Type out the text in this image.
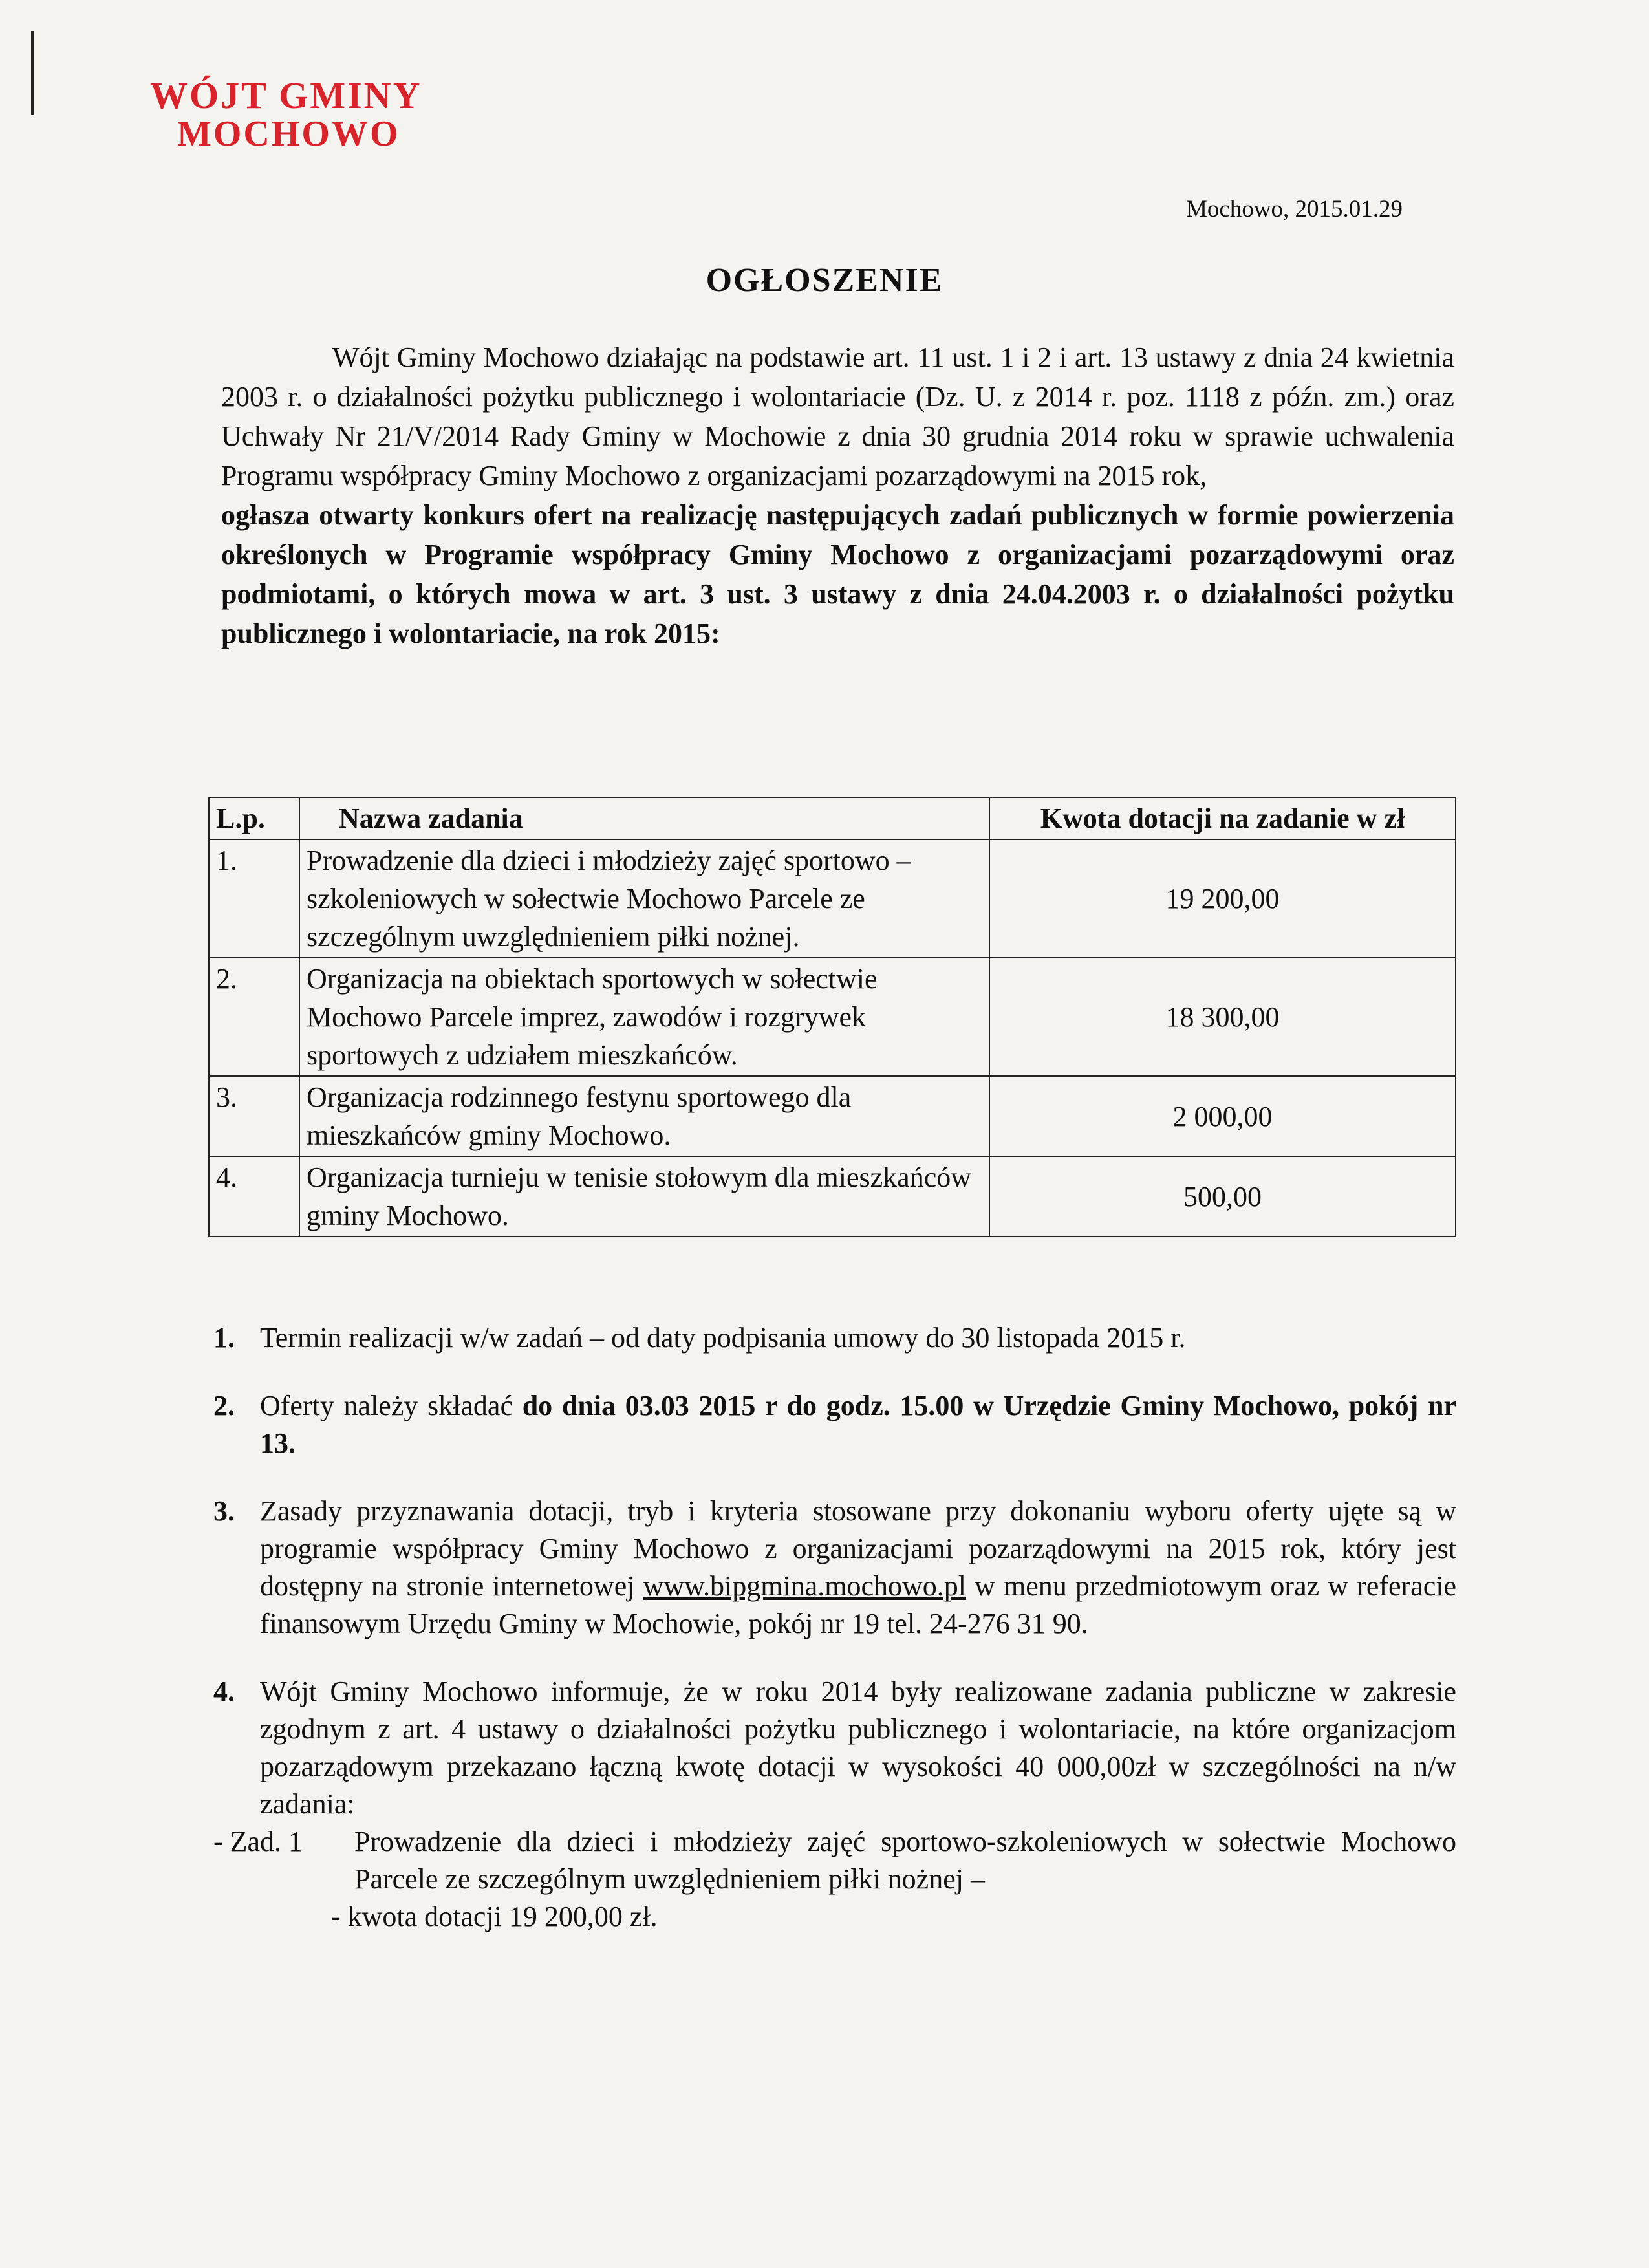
WÓJT GMINY
MOCHOWO
Mochowo, 2015.01.29
OGŁOSZENIE
Wójt Gminy Mochowo działając na podstawie art. 11 ust. 1 i 2 i art. 13 ustawy z dnia 24 kwietnia 2003 r. o działalności pożytku publicznego i wolontariacie (Dz. U. z 2014 r. poz. 1118 z późn. zm.) oraz Uchwały Nr 21/V/2014 Rady Gminy w Mochowie z dnia 30 grudnia 2014 roku w sprawie uchwalenia Programu współpracy Gminy Mochowo z organizacjami pozarządowymi na 2015 rok,
ogłasza otwarty konkurs ofert na realizację następujących zadań publicznych w formie powierzenia określonych w Programie współpracy Gminy Mochowo z organizacjami pozarządowymi oraz podmiotami, o których mowa w art. 3 ust. 3 ustawy z dnia 24.04.2003 r. o działalności pożytku publicznego i wolontariacie, na rok 2015:
L.p.	Nazwa zadania	Kwota dotacji na zadanie w zł
1.	Prowadzenie dla dzieci i młodzieży zajęć sportowo – szkoleniowych w sołectwie Mochowo Parcele ze szczególnym uwzględnieniem piłki nożnej.	19 200,00
2.	Organizacja na obiektach sportowych w sołectwie Mochowo Parcele imprez, zawodów i rozgrywek sportowych z udziałem mieszkańców.	18 300,00
3.	Organizacja rodzinnego festynu sportowego dla mieszkańców gminy Mochowo.	2 000,00
4.	Organizacja turnieju w tenisie stołowym dla mieszkańców gminy Mochowo.	500,00
1. Termin realizacji w/w zadań – od daty podpisania umowy do 30 listopada 2015 r.
2. Oferty należy składać do dnia 03.03 2015 r do godz. 15.00 w Urzędzie Gminy Mochowo, pokój nr 13.
3. Zasady przyznawania dotacji, tryb i kryteria stosowane przy dokonaniu wyboru oferty ujęte są w programie współpracy Gminy Mochowo z organizacjami pozarządowymi na 2015 rok, który jest dostępny na stronie internetowej www.bipgmina.mochowo.pl w menu przedmiotowym oraz w referacie finansowym Urzędu Gminy w Mochowie, pokój nr 19 tel. 24-276 31 90.
4. Wójt Gminy Mochowo informuje, że w roku 2014 były realizowane zadania publiczne w zakresie zgodnym z art. 4 ustawy o działalności pożytku publicznego i wolontariacie, na które organizacjom pozarządowym przekazano łączną kwotę dotacji w wysokości 40 000,00zł w szczególności na n/w zadania:
- Zad. 1	Prowadzenie dla dzieci i młodzieży zajęć sportowo-szkoleniowych w sołectwie Mochowo Parcele ze szczególnym uwzględnieniem piłki nożnej –
- kwota dotacji 19 200,00 zł.
